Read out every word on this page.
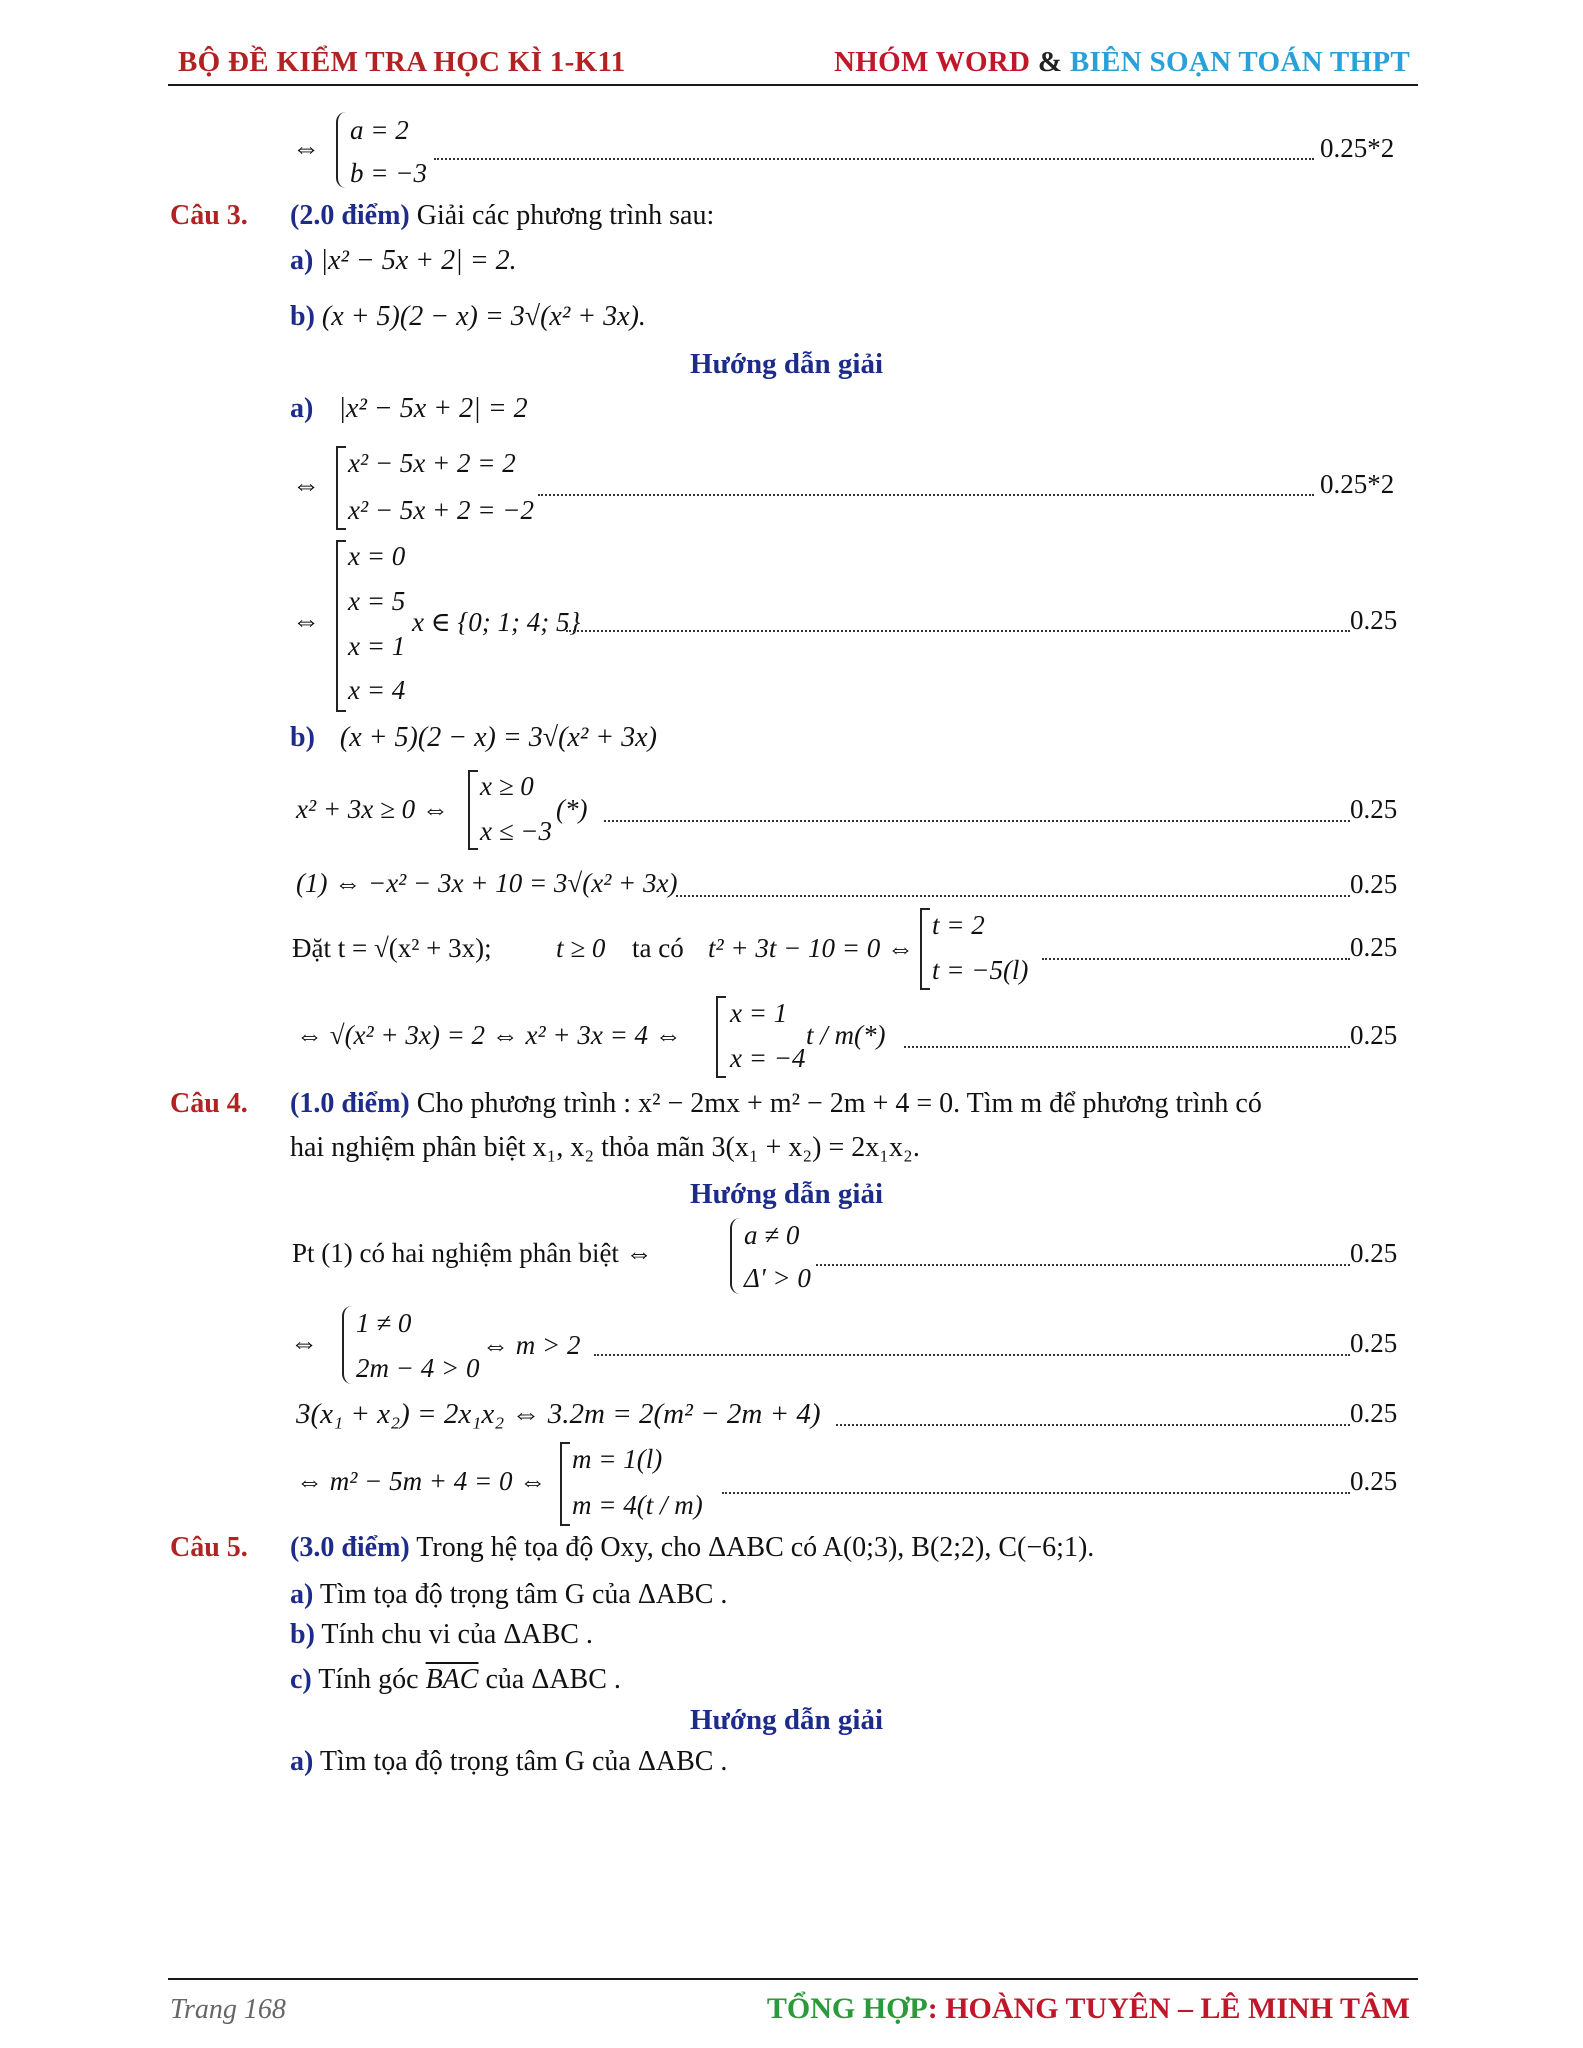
BỘ ĐỀ KIỂM TRA HỌC KÌ 1-K11	NHÓM WORD & BIÊN SOẠN TOÁN THPT
⇔
a = 2
b = −3
0.25*2
Câu 3. (2.0 điểm) Giải các phương trình sau:
a) |x² − 5x + 2| = 2.
b) (x + 5)(2 − x) = 3√(x² + 3x).
Hướng dẫn giải
a) |x² − 5x + 2| = 2
⇔
x² − 5x + 2 = 2
x² − 5x + 2 = −2
0.25*2
⇔
x = 0
x = 5
x = 1
x = 4
x ∈ {0; 1; 4; 5}	0.25
b) (x + 5)(2 − x) = 3√(x² + 3x)
x² + 3x ≥ 0 ⇔
x ≥ 0
x ≤ −3
(*)	0.25
(1) ⇔ −x² − 3x + 10 = 3√(x² + 3x)	0.25
Đặt t = √(x² + 3x); t ≥ 0 ta có t² + 3t − 10 = 0 ⇔
t = 2
t = −5(l)
0.25
⇔ √(x² + 3x) = 2 ⇔ x² + 3x = 4 ⇔
x = 1
x = −4
t / m(*)	0.25
Câu 4. (1.0 điểm) Cho phương trình : x² − 2mx + m² − 2m + 4 = 0. Tìm m để phương trình có
hai nghiệm phân biệt x₁, x₂ thỏa mãn 3(x₁ + x₂) = 2x₁x₂.
Hướng dẫn giải
Pt (1) có hai nghiệm phân biệt ⇔
a ≠ 0
Δ' > 0
0.25
⇔
1 ≠ 0
2m − 4 > 0
⇔ m > 2	0.25
3(x₁ + x₂) = 2x₁x₂ ⇔ 3.2m = 2(m² − 2m + 4)	0.25
⇔ m² − 5m + 4 = 0 ⇔
m = 1(l)
m = 4(t / m)
0.25
Câu 5. (3.0 điểm) Trong hệ tọa độ Oxy, cho ΔABC có A(0;3), B(2;2), C(−6;1).
a) Tìm tọa độ trọng tâm G của ΔABC .
b) Tính chu vi của ΔABC .
c) Tính góc $\overline{BAC}$ của ΔABC .
Hướng dẫn giải
a) Tìm tọa độ trọng tâm G của ΔABC .
Trang 168	TỔNG HỢP: HOÀNG TUYÊN – LÊ MINH TÂM
